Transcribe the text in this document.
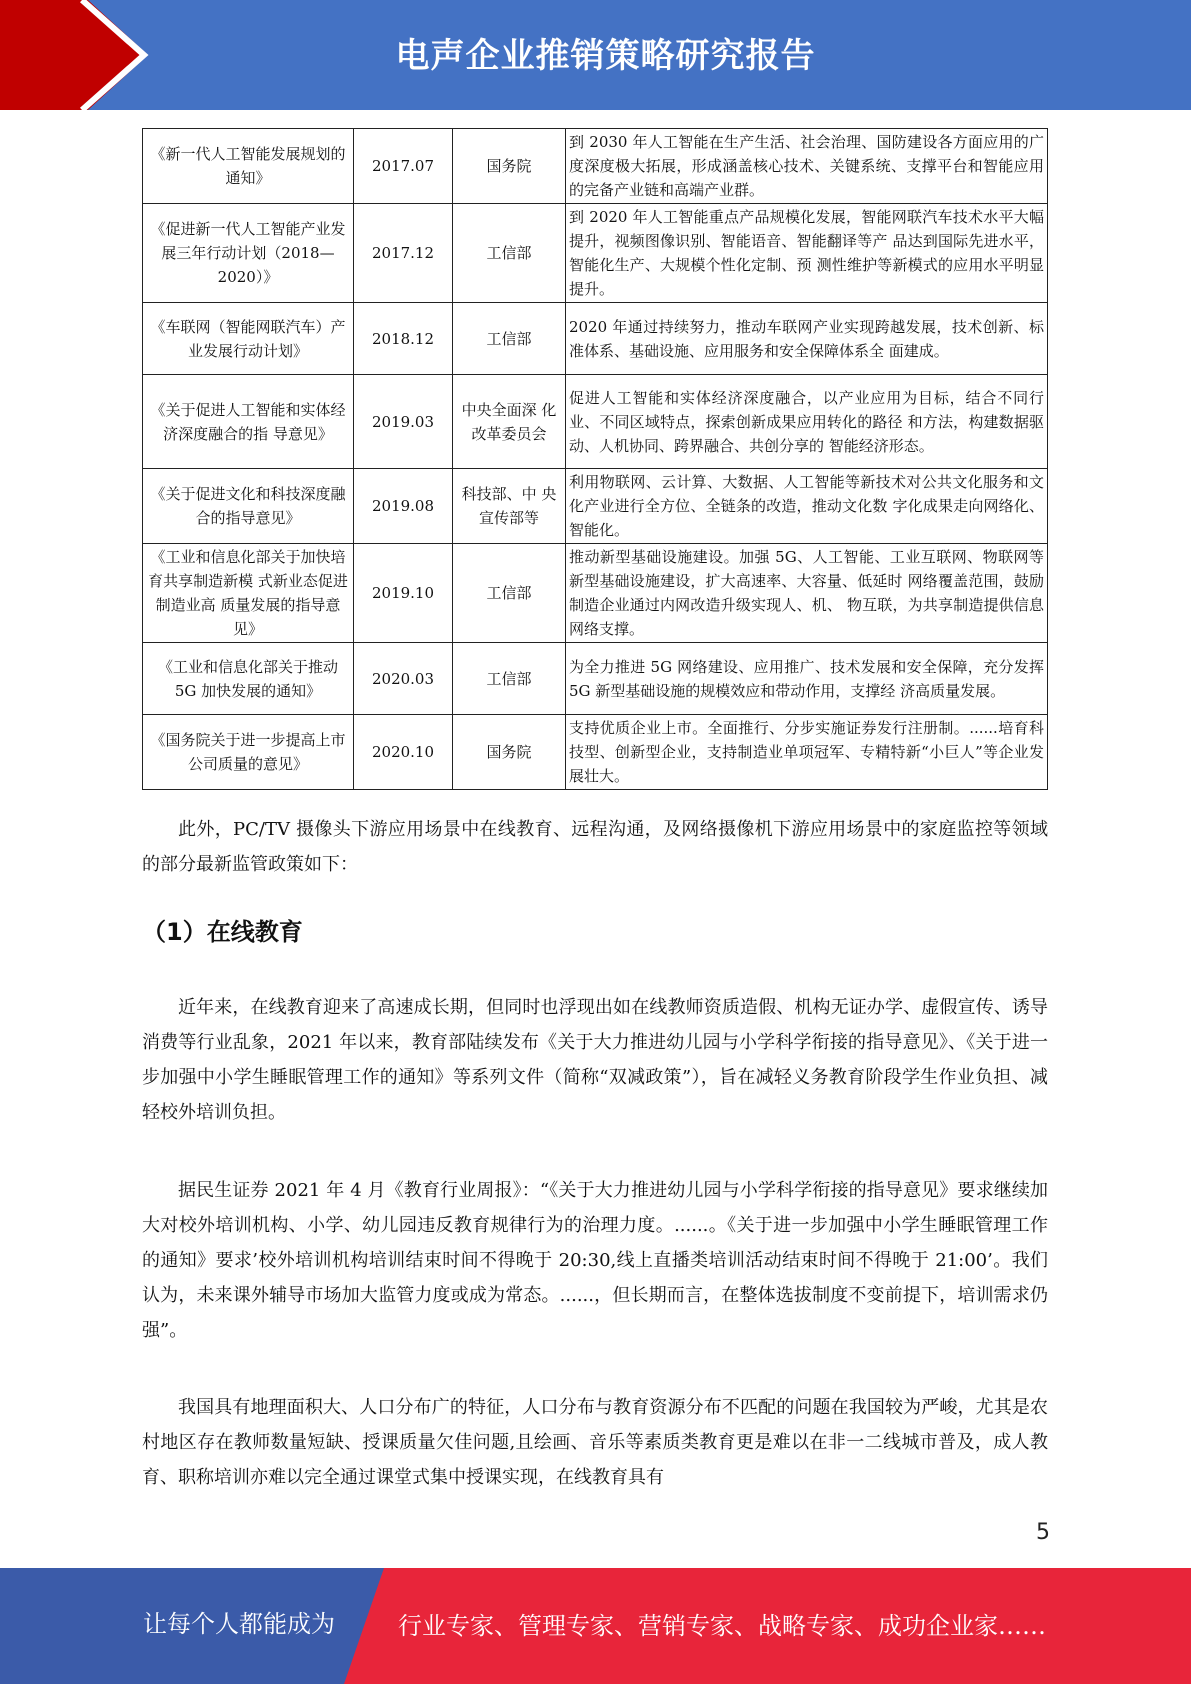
电声企业推销策略研究报告
《新一代人工智能发展规划的通知》	2017.07	国务院	到 2030 年人工智能在生产生活、社会治理、国防建设各方面应用的广度深度极大拓展，形成涵盖核心技术、关键系统、支撑平台和智能应用的完备产业链和高端产业群。
《促进新一代人工智能产业发展三年行动计划（2018—2020）》	2017.12	工信部	到 2020 年人工智能重点产品规模化发展，智能网联汽车技术水平大幅提升，视频图像识别、智能语音、智能翻译等产 品达到国际先进水平，智能化生产、大规模个性化定制、预 测性维护等新模式的应用水平明显提升。
《车联网（智能网联汽车）产业发展行动计划》	2018.12	工信部	2020 年通过持续努力，推动车联网产业实现跨越发展，技术创新、标准体系、基础设施、应用服务和安全保障体系全 面建成。
《关于促进人工智能和实体经济深度融合的指 导意见》	2019.03	中央全面深 化改革委员会	促进人工智能和实体经济深度融合，以产业应用为目标，结合不同行业、不同区域特点，探索创新成果应用转化的路径 和方法，构建数据驱动、人机协同、跨界融合、共创分享的 智能经济形态。
《关于促进文化和科技深度融合的指导意见》	2019.08	科技部、中 央宣传部等	利用物联网、云计算、大数据、人工智能等新技术对公共文化服务和文化产业进行全方位、全链条的改造，推动文化数 字化成果走向网络化、智能化。
《工业和信息化部关于加快培育共享制造新模 式新业态促进制造业高 质量发展的指导意见》	2019.10	工信部	推动新型基础设施建设。加强 5G、人工智能、工业互联网、物联网等新型基础设施建设，扩大高速率、大容量、低延时 网络覆盖范围，鼓励制造企业通过内网改造升级实现人、机、 物互联，为共享制造提供信息网络支撑。
《工业和信息化部关于推动 5G 加快发展的通知》	2020.03	工信部	为全力推进 5G 网络建设、应用推广、技术发展和安全保障，充分发挥 5G 新型基础设施的规模效应和带动作用，支撑经 济高质量发展。
《国务院关于进一步提高上市公司质量的意见》	2020.10	国务院	支持优质企业上市。全面推行、分步实施证券发行注册制。......培育科技型、创新型企业，支持制造业单项冠军、专精特新“小巨人”等企业发展壮大。

此外，PC/TV 摄像头下游应用场景中在线教育、远程沟通，及网络摄像机下游应用场景中的家庭监控等领域的部分最新监管政策如下：

（1）在线教育

近年来，在线教育迎来了高速成长期，但同时也浮现出如在线教师资质造假、机构无证办学、虚假宣传、诱导消费等行业乱象，2021 年以来，教育部陆续发布《关于大力推进幼儿园与小学科学衔接的指导意见》、《关于进一步加强中小学生睡眠管理工作的通知》等系列文件（简称“双减政策”），旨在减轻义务教育阶段学生作业负担、减轻校外培训负担。

据民生证券 2021 年 4 月《教育行业周报》：“《关于大力推进幼儿园与小学科学衔接的指导意见》要求继续加大对校外培训机构、小学、幼儿园违反教育规律行为的治理力度。......。《关于进一步加强中小学生睡眠管理工作的通知》要求’校外培训机构培训结束时间不得晚于 20:30,线上直播类培训活动结束时间不得晚于 21:00’。我们认为，未来课外辅导市场加大监管力度或成为常态。......，但长期而言，在整体选拔制度不变前提下，培训需求仍强”。

我国具有地理面积大、人口分布广的特征，人口分布与教育资源分布不匹配的问题在我国较为严峻，尤其是农村地区存在教师数量短缺、授课质量欠佳问题,且绘画、音乐等素质类教育更是难以在非一二线城市普及，成人教育、职称培训亦难以完全通过课堂式集中授课实现，在线教育具有

5
让每个人都能成为	行业专家、管理专家、营销专家、战略专家、成功企业家……
